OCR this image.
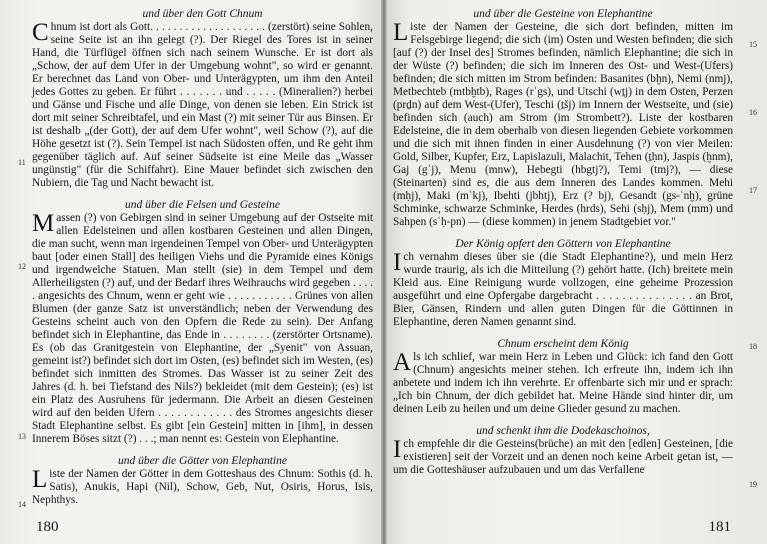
11
12
13
14
und über den Gott Chnum

Chnum ist dort als Gott. . . . . . . . . . . . . . . . . . . . (zerstört) seine Sohlen, seine Seite ist an ihn gelegt (?). Der Riegel des Tores ist in seiner Hand, die Türflügel öffnen sich nach seinem Wunsche. Er ist dort als „Schow, der auf dem Ufer in der Umgebung wohnt", so wird er genannt. Er berechnet das Land von Ober- und Unterägypten, um ihm den Anteil jedes Gottes zu geben. Er führt . . . . . . . und . . . . . (Mineralien?) herbei und Gänse und Fische und alle Dinge, von denen sie leben. Ein Strick ist dort mit seiner Schreibtafel, und ein Mast (?) mit seiner Tür aus Binsen. Er ist deshalb „(der Gott), der auf dem Ufer wohnt", weil Schow (?), auf die Höhe gesetzt ist (?). Sein Tempel ist nach Südosten offen, und Re geht ihm gegenüber täglich auf. Auf seiner Südseite ist eine Meile das „Wasser ungünstig" (für die Schiffahrt). Eine Mauer befindet sich zwischen den Nubiern, die Tag und Nacht bewacht ist.

und über die Felsen und Gesteine

Massen (?) von Gebirgen sind in seiner Umgebung auf der Ostseite mit allen Edelsteinen und allen kostbaren Gesteinen und allen Dingen, die man sucht, wenn man irgendeinen Tempel von Ober- und Unterägypten baut [oder einen Stall] des heiligen Viehs und die Pyramide eines Königs und irgendwelche Statuen. Man stellt (sie) in dem Tempel und dem Allerheiligsten (?) auf, und der Bedarf ihres Weihrauchs wird gegeben . . . . . angesichts des Chnum, wenn er geht wie . . . . . . . . . . . Grünes von allen Blumen (der ganze Satz ist unverständlich; neben der Verwendung des Gesteins scheint auch von den Opfern die Rede zu sein). Der Anfang befindet sich in Elephantine, das Ende in . . . . . . . . (zerstörter Ortsname). Es (ob das Granitgestein von Elephantine, der „Syenit" von Assuan, gemeint ist?) befindet sich dort im Osten, (es) befindet sich im Westen, (es) befindet sich inmitten des Stromes. Das Wasser ist zu seiner Zeit des Jahres (d. h. bei Tiefstand des Nils?) bekleidet (mit dem Gestein); (es) ist ein Platz des Ausruhens für jedermann. Die Arbeit an diesen Gesteinen wird auf den beiden Ufern . . . . . . . . . . . . des Stromes angesichts dieser Stadt Elephantine selbst. Es gibt [ein Gestein] mitten in [ihm], in dessen Innerem Böses sitzt (?) . . .; man nennt es: Gestein von Elephantine.

und über die Götter von Elephantine

Liste der Namen der Götter in dem Gotteshaus des Chnum: Sothis (d. h. Satis), Anukis, Hapi (Nil), Schow, Geb, Nut, Osiris, Horus, Isis, Nephthys.

180
15
16
17
18
19
und über die Gesteine von Elephantine

Liste der Namen der Gesteine, die sich dort befinden, mitten im Felsgebirge liegend; die sich (im) Osten und Westen befinden; die sich [auf (?) der Insel des] Stromes befinden, nämlich Elephantine; die sich in der Wüste (?) befinden; die sich im Inneren des Ost- und West-(Ufers) befinden; die sich mitten im Strom befinden: Basanites (bḫn), Nemi (nmj), Metbechteb (mtbḫtb), Rages (rʿgs), und Utschi (wṯj) in dem Osten, Perzen (prḏn) auf dem West-(Ufer), Teschi (ṯšj) im Innern der Westseite, und (sie) befinden sich (auch) am Strom (im Strombett?). Liste der kostbaren Edelsteine, die in dem oberhalb von diesen liegenden Gebiete vorkommen und die sich mit ihnen finden in einer Ausdehnung (?) von vier Meilen: Gold, Silber, Kupfer, Erz, Lapislazuli, Malachit, Tehen (ṯḥn), Jaspis (ḫnm), Gaj (gʿj), Menu (mnw), Hebegti (hbgtj?), Temi (tmj?), — diese (Steinarten) sind es, die aus dem Inneren des Landes kommen. Mehi (mḥj), Maki (mʿkj), Ibehti (jbhtj), Erz (? bj), Gesandt (gs-ʿnḫ), grüne Schminke, schwarze Schminke, Herdes (hrds), Sehi (sḥj), Mem (mm) und Sahpen (sʿḥ-pn) — (diese kommen) in jenem Stadtgebiet vor."

Der König opfert den Göttern von Elephantine

Ich vernahm dieses über sie (die Stadt Elephantine?), und mein Herz wurde traurig, als ich die Mitteilung (?) gehört hatte. (Ich) breitete mein Kleid aus. Eine Reinigung wurde vollzogen, eine geheime Prozession ausgeführt und eine Opfergabe dargebracht . . . . . . . . . . . . . . . an Brot, Bier, Gänsen, Rindern und allen guten Dingen für die Göttinnen in Elephantine, deren Namen genannt sind.

Chnum erscheint dem König

Als ich schlief, war mein Herz in Leben und Glück: ich fand den Gott (Chnum) angesichts meiner stehen. Ich erfreute ihn, indem ich ihn anbetete und indem ich ihn verehrte. Er offenbarte sich mir und er sprach: „Ich bin Chnum, der dich gebildet hat. Meine Hände sind hinter dir, um deinen Leib zu heilen und um deine Glieder gesund zu machen.

und schenkt ihm die Dodekaschoinos,

Ich empfehle dir die Gesteins(brüche) an mit den [edlen] Gesteinen, [die existieren] seit der Vorzeit und an denen noch keine Arbeit getan ist, — um die Gotteshäuser aufzubauen und um das Verfallene

181
